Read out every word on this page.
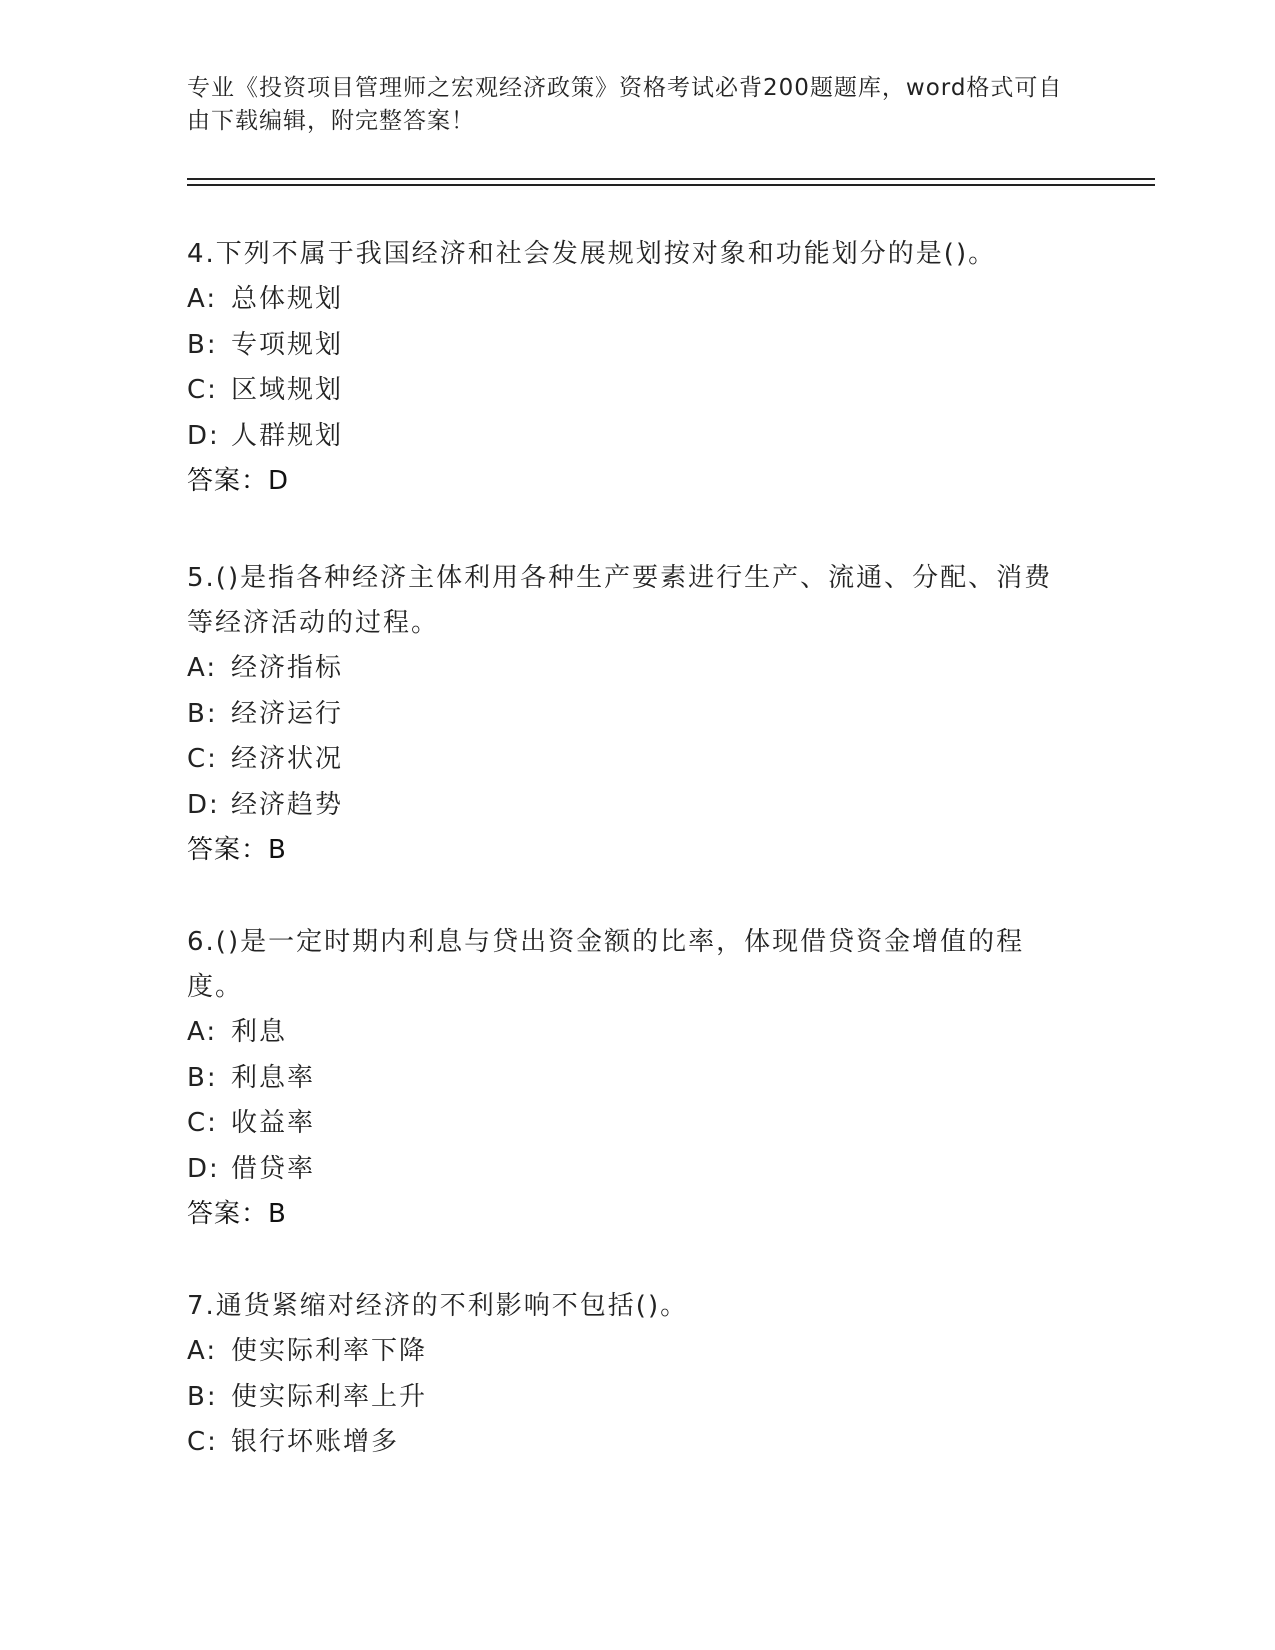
专业《投资项目管理师之宏观经济政策》资格考试必背200题题库，word格式可自由下载编辑，附完整答案！

4.下列不属于我国经济和社会发展规划按对象和功能划分的是()。

A: 总体规划

B: 专项规划

C: 区域规划

D: 人群规划

答案：D

5.()是指各种经济主体利用各种生产要素进行生产、流通、分配、消费等经济活动的过程。

A: 经济指标

B: 经济运行

C: 经济状况

D: 经济趋势

答案：B

6.()是一定时期内利息与贷出资金额的比率，体现借贷资金增值的程度。

A: 利息

B: 利息率

C: 收益率

D: 借贷率

答案：B

7.通货紧缩对经济的不利影响不包括()。

A: 使实际利率下降

B: 使实际利率上升

C: 银行坏账增多
